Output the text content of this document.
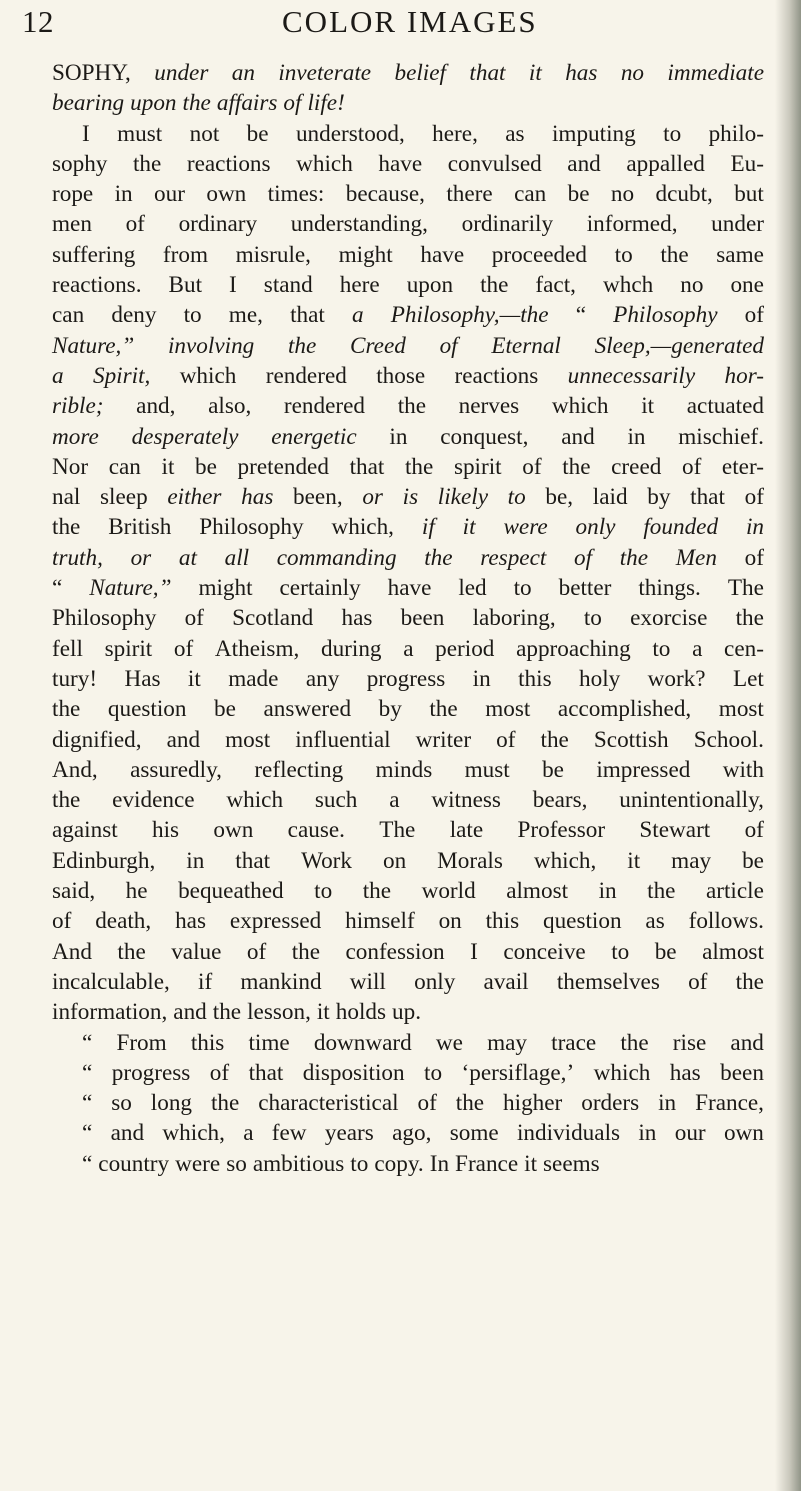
12	COLOR IMAGES
SOPHY, under an inveterate belief that it has no immediate
bearing upon the affairs of life!
I must not be understood, here, as imputing to philo-
sophy the reactions which have convulsed and appalled Eu-
rope in our own times: because, there can be no dcubt, but
men of ordinary understanding, ordinarily informed, under
suffering from misrule, might have proceeded to the same
reactions. But I stand here upon the fact, whch no one
can deny to me, that a Philosophy,—the “ Philosophy of
Nature,” involving the Creed of Eternal Sleep,—generated
a Spirit, which rendered those reactions unnecessarily hor-
rible; and, also, rendered the nerves which it actuated
more desperately energetic in conquest, and in mischief.
Nor can it be pretended that the spirit of the creed of eter-
nal sleep either has been, or is likely to be, laid by that of
the British Philosophy which, if it were only founded in
truth, or at all commanding the respect of the Men of
“ Nature,” might certainly have led to better things. The
Philosophy of Scotland has been laboring, to exorcise the
fell spirit of Atheism, during a period approaching to a cen-
tury! Has it made any progress in this holy work? Let
the question be answered by the most accomplished, most
dignified, and most influential writer of the Scottish School.
And, assuredly, reflecting minds must be impressed with
the evidence which such a witness bears, unintentionally,
against his own cause. The late Professor Stewart of
Edinburgh, in that Work on Morals which, it may be
said, he bequeathed to the world almost in the article
of death, has expressed himself on this question as follows.
And the value of the confession I conceive to be almost
incalculable, if mankind will only avail themselves of the
information, and the lesson, it holds up.
“ From this time downward we may trace the rise and
“ progress of that disposition to ‘persiflage,’ which has been
“ so long the characteristical of the higher orders in France,
“ and which, a few years ago, some individuals in our own
“ country were so ambitious to copy. In France it seems
